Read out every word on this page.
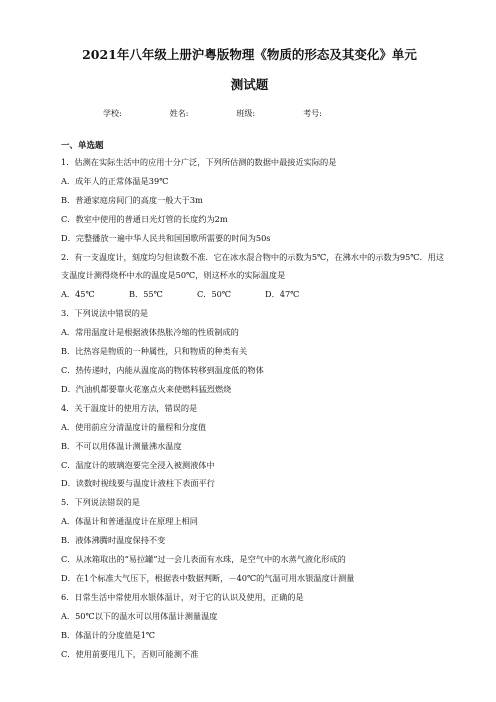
2021年八年级上册沪粤版物理《物质的形态及其变化》单元
测试题
学校:	姓名:	班级:	考号:
一、单选题
1．估测在实际生活中的应用十分广泛，下列所估测的数据中最接近实际的是
A．成年人的正常体温是39℃
B．普通家庭房间门的高度一般大于3m
C．教室中使用的普通日光灯管的长度约为2m
D．完整播放一遍中华人民共和国国歌所需要的时间为50s
2．有一支温度计，刻度均匀但读数不准．它在冰水混合物中的示数为5℃，在沸水中的示数为95℃．用这支温度计测得烧杯中水的温度是50℃，则这杯水的实际温度是
A．45℃	B．55℃	C．50℃	D．47℃
3．下列说法中错误的是
A．常用温度计是根据液体热胀冷缩的性质制成的
B．比热容是物质的一种属性，只和物质的种类有关
C．热传递时，内能从温度高的物体转移到温度低的物体
D．汽油机都要靠火花塞点火来使燃料猛烈燃烧
4．关于温度计的使用方法，错误的是
A．使用前应分清温度计的量程和分度值
B．不可以用体温计测量沸水温度
C．温度计的玻璃泡要完全浸入被测液体中
D．读数时视线要与温度计液柱下表面平行
5．下列说法错误的是
A．体温计和普通温度计在原理上相同
B．液体沸腾时温度保持不变
C．从冰箱取出的“易拉罐”过一会儿表面有水珠，是空气中的水蒸气液化形成的
D．在1个标准大气压下，根据表中数据判断，－40℃的气温可用水银温度计测量
6．日常生活中常使用水银体温计，对于它的认识及使用，正确的是
A．50℃以下的温水可以用体温计测量温度
B．体温计的分度值是1℃
C．使用前要甩几下，否则可能测不准
